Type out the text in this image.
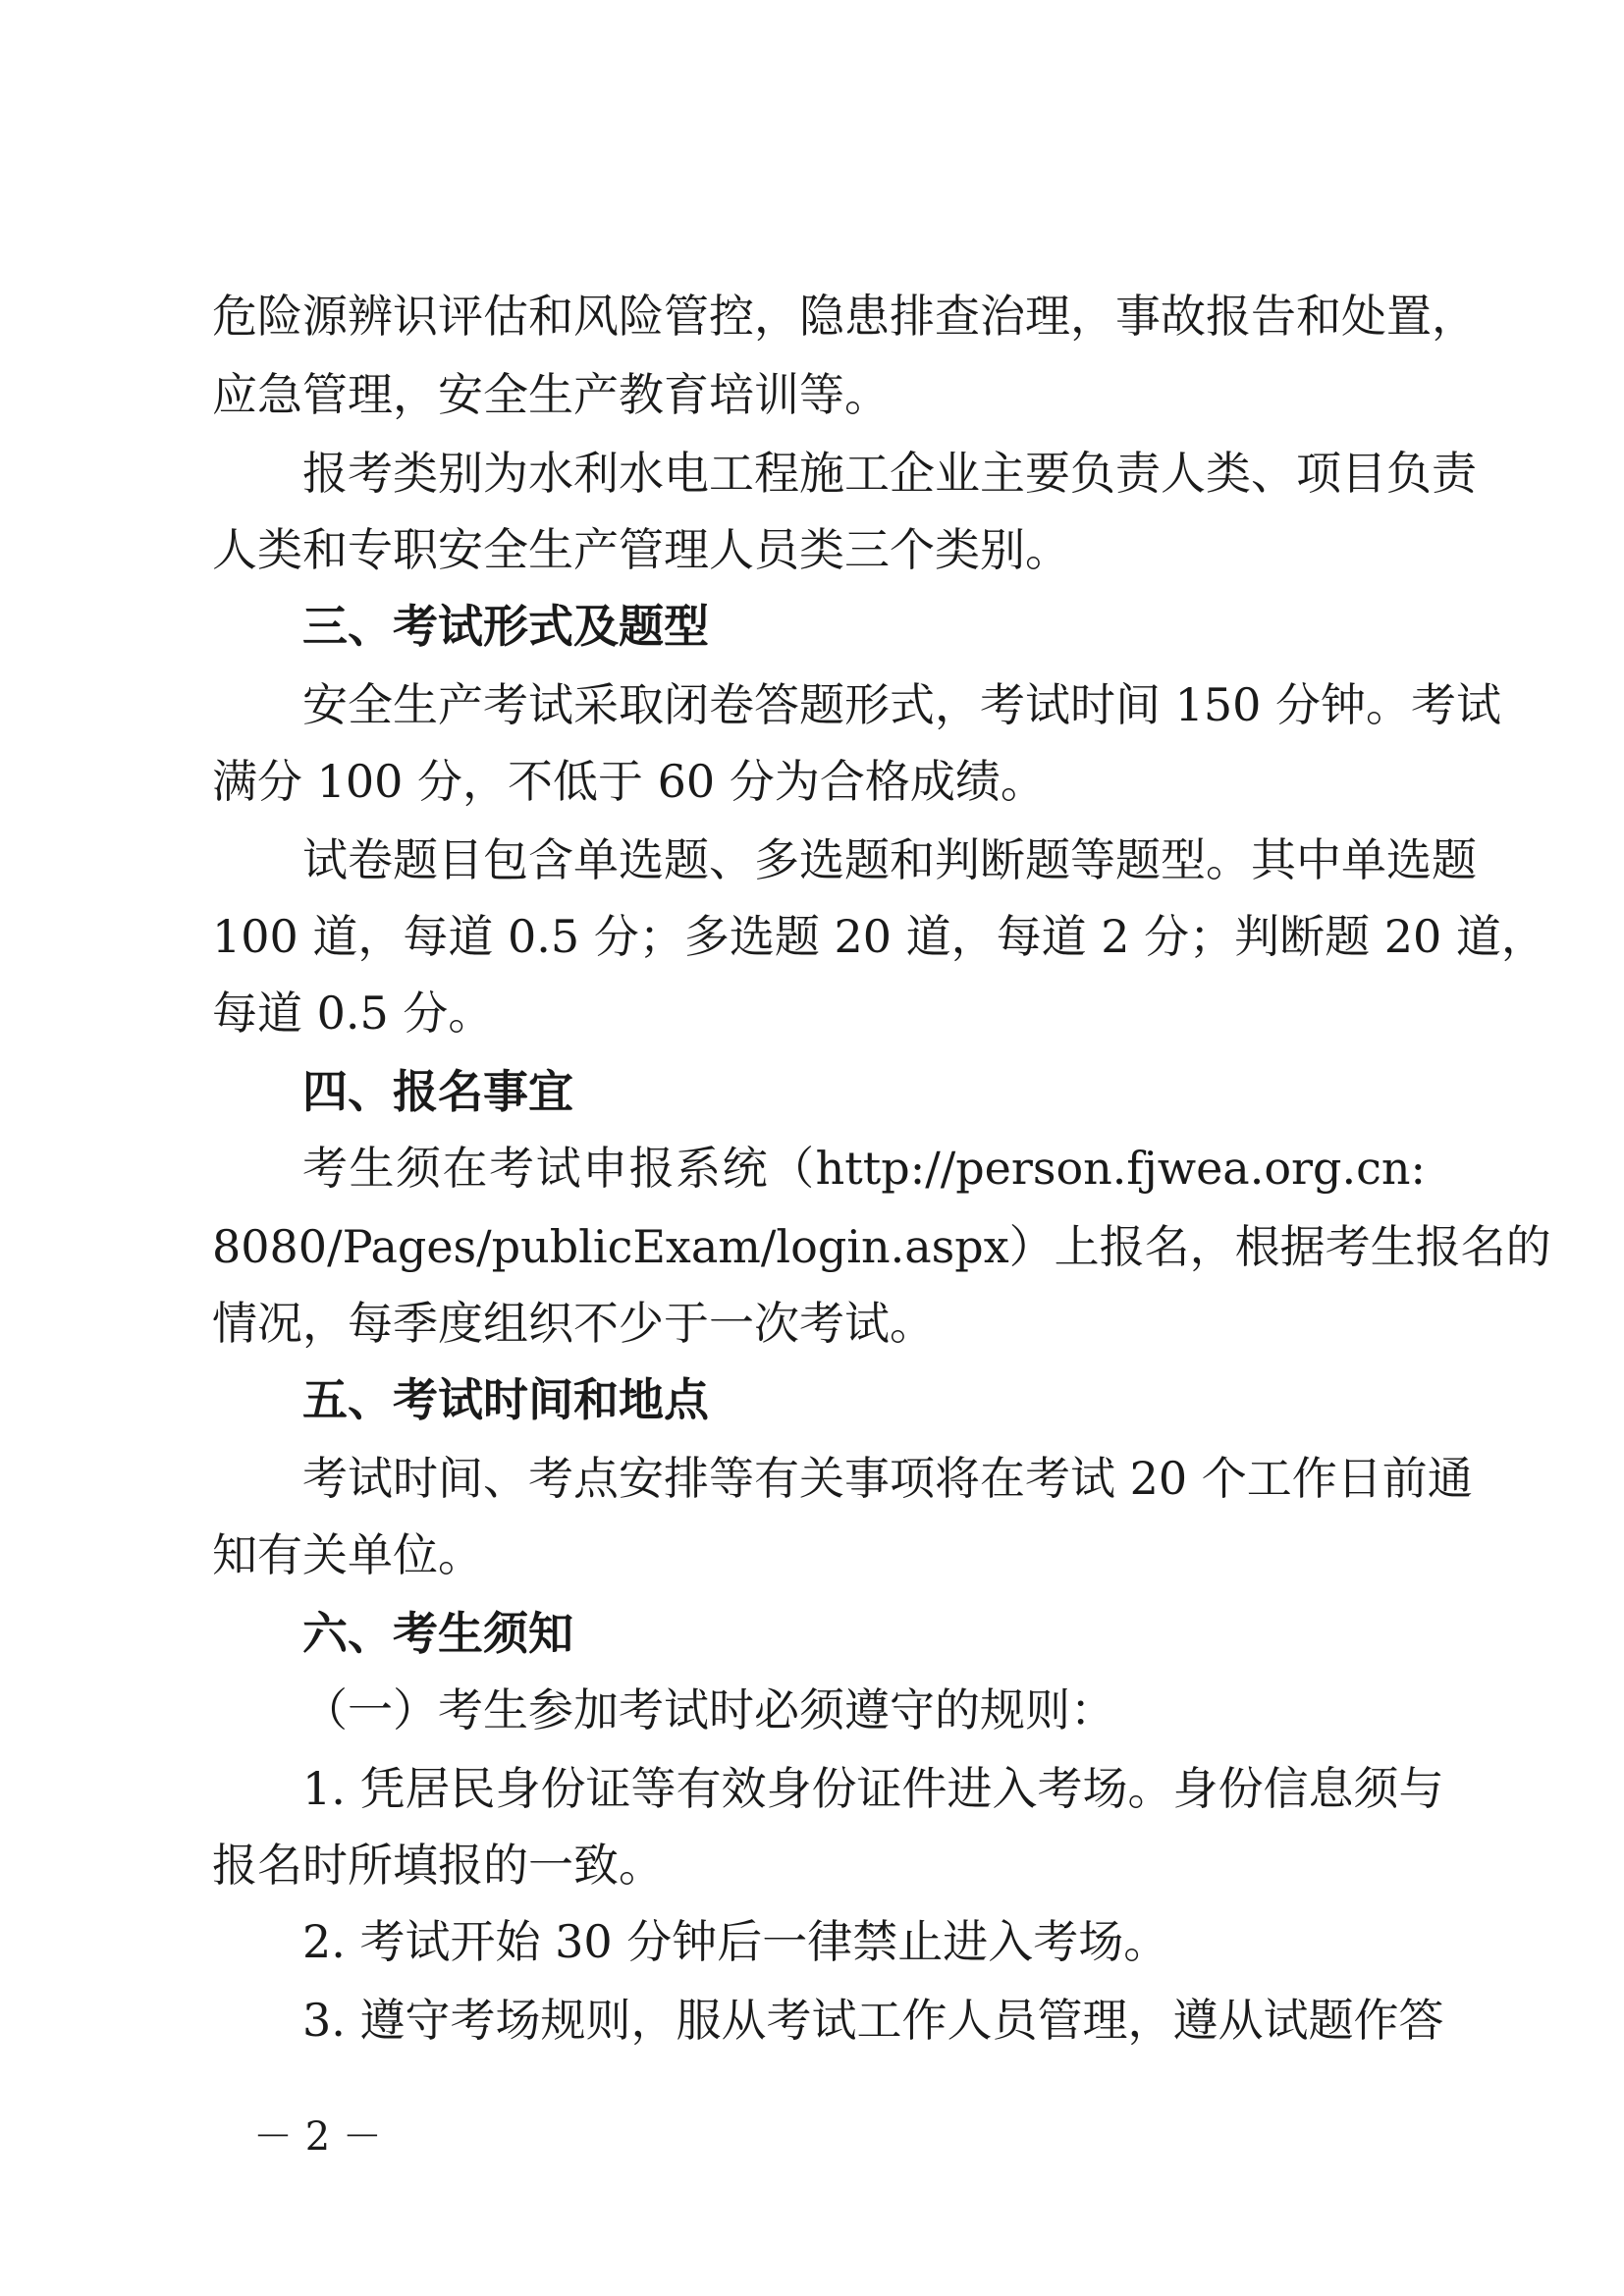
危险源辨识评估和风险管控，隐患排查治理，事故报告和处置，
应急管理，安全生产教育培训等。
报考类别为水利水电工程施工企业主要负责人类、项目负责
人类和专职安全生产管理人员类三个类别。
三、考试形式及题型
安全生产考试采取闭卷答题形式，考试时间 150 分钟。考试
满分 100 分，不低于 60 分为合格成绩。
试卷题目包含单选题、多选题和判断题等题型。其中单选题
100 道，每道 0.5 分；多选题 20 道，每道 2 分；判断题 20 道，
每道 0.5 分。
四、报名事宜
考生须在考试申报系统（http://person.fjwea.org.cn:
8080/Pages/publicExam/login.aspx）上报名，根据考生报名的
情况，每季度组织不少于一次考试。
五、考试时间和地点
考试时间、考点安排等有关事项将在考试 20 个工作日前通
知有关单位。
六、考生须知
（一）考生参加考试时必须遵守的规则：
1. 凭居民身份证等有效身份证件进入考场。身份信息须与
报名时所填报的一致。
2. 考试开始 30 分钟后一律禁止进入考场。
3. 遵守考场规则，服从考试工作人员管理，遵从试题作答
－ 2 －
